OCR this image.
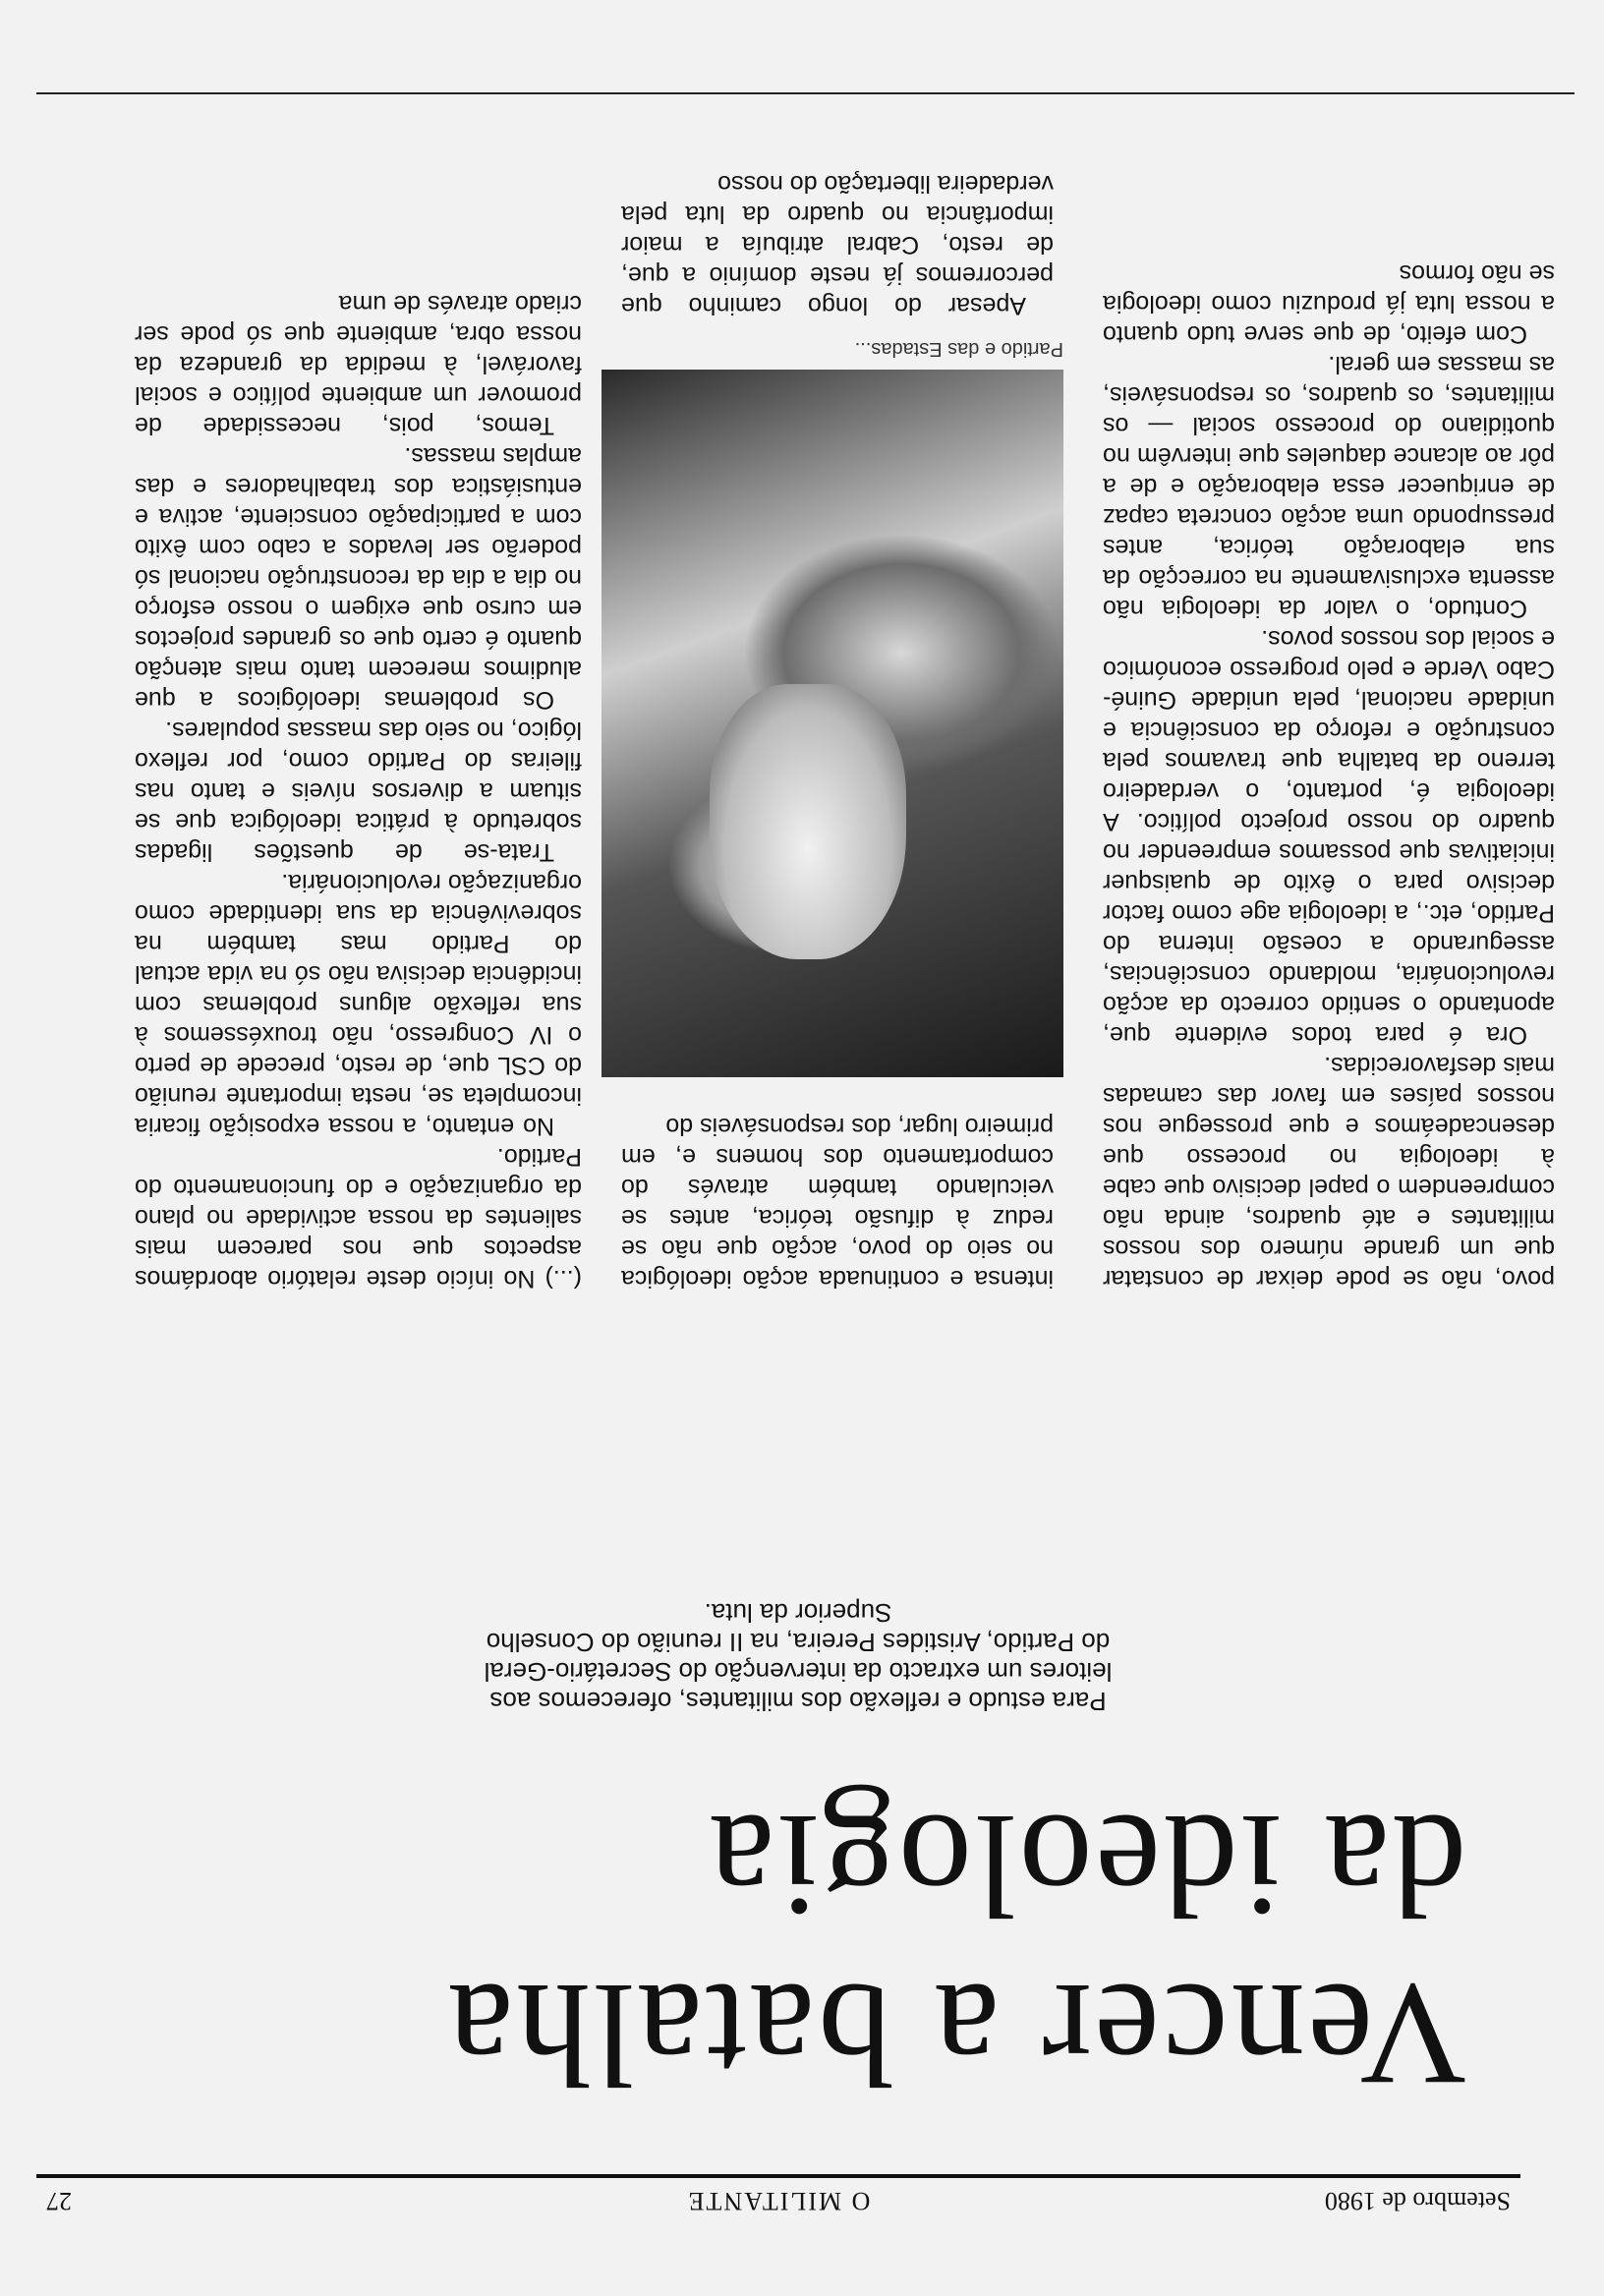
Setembro de 1980
O MILITANTE
27
Vencer a batalha
da ideologia
Para estudo e reflexão dos militantes, oferecemos aos leitores um extracto da intervenção do Secretário-Geral do Partido, Aristides Pereira, na II reunião do Conselho Superior da luta.

(...) No início deste relatório abordámos aspectos que nos parecem mais salientes da nossa actividade no plano da organização e do funcionamento do Partido.

No entanto, a nossa exposição ficaria incompleta se, nesta importante reunião do CSL que, de resto, precede de perto o IV Congresso, não trouxéssemos à sua reflexão alguns problemas com incidência decisiva não só na vida actual do Partido mas também na sobrevivência da sua identidade como organização revolucionária.

Trata-se de questões ligadas sobretudo à prática ideológica que se situam a diversos níveis e tanto nas fileiras do Partido como, por reflexo lógico, no seio das massas populares.

Os problemas ideológicos a que aludimos merecem tanto mais atenção quanto é certo que os grandes projectos em curso que exigem o nosso esforço no dia a dia da reconstrução nacional só poderão ser levados a cabo com êxito com a participação consciente, activa e entusiástica dos trabalhadores e das amplas massas.

Temos, pois, necessidade de promover um ambiente político e social favorável, à medida da grandeza da nossa obra, ambiente que só pode ser criado através de uma

intensa e continuada acção ideológica no seio do povo, acção que não se reduz à difusão teórica, antes se veiculando também através do comportamento dos homens e, em primeiro lugar, dos responsáveis do

Partido e das Estadas...

Apesar do longo caminho que percorremos já neste domínio a que, de resto, Cabral atribuía a maior importância no quadro da luta pela verdadeira libertação do nosso

povo, não se pode deixar de constatar que um grande número dos nossos militantes e até quadros, ainda não compreendem o papel decisivo que cabe à ideologia no processo que desencadeámos e que prossegue nos nossos países em favor das camadas mais desfavorecidas.

Ora é para todos evidente que, apontando o sentido correcto da acção revolucionária, moldando consciências, assegurando a coesão interna do Partido, etc., a ideologia age como factor decisivo para o êxito de quaisquer iniciativas que possamos empreender no quadro do nosso projecto político. A ideologia é, portanto, o verdadeiro terreno da batalha que travamos pela construção e reforço da consciência e unidade nacional, pela unidade Guiné-Cabo Verde e pelo progresso económico e social dos nossos povos.

Contudo, o valor da ideologia não assenta exclusivamente na correcção da sua elaboração teórica, antes pressupondo uma acção concreta capaz de enriquecer essa elaboração e de a pôr ao alcance daqueles que intervêm no quotidiano do processo social — os militantes, os quadros, os responsáveis, as massas em geral.

Com efeito, de que serve tudo quanto a nossa luta já produziu como ideologia se não formos
